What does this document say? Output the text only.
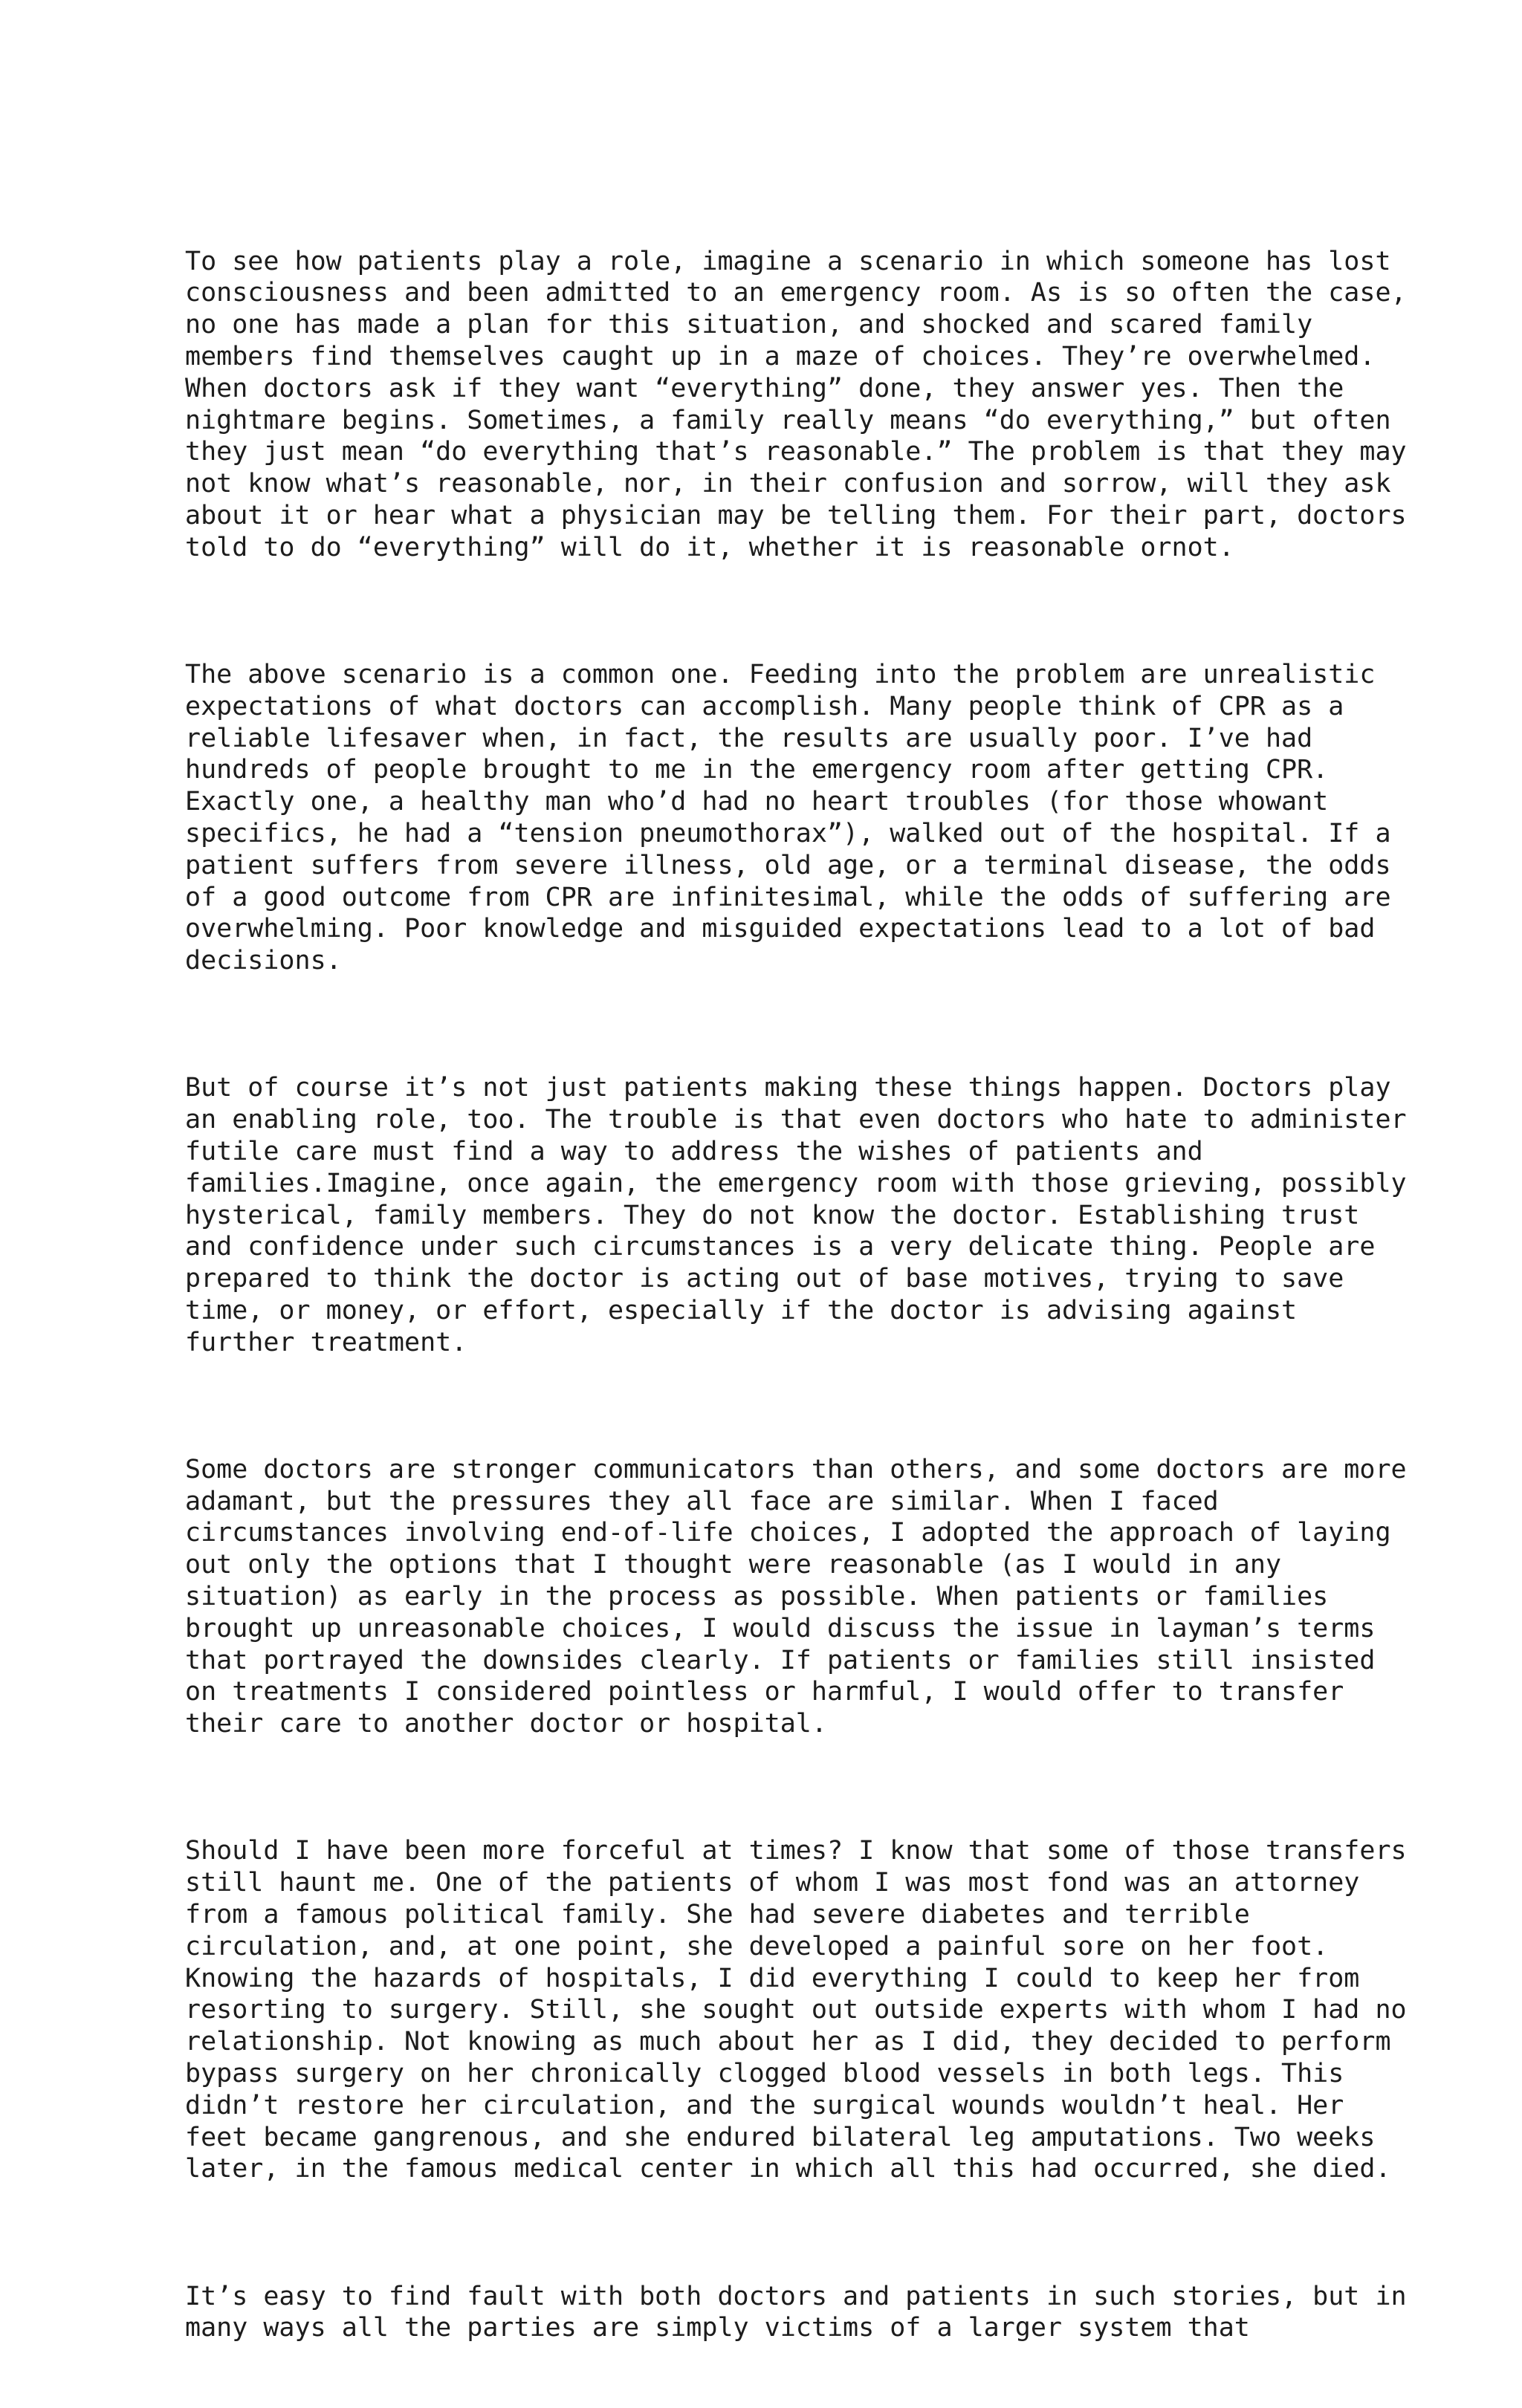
To see how patients play a role, imagine a scenario in which someone has lost
consciousness and been admitted to an emergency room. As is so often the case,
no one has made a plan for this situation, and shocked and scared family
members find themselves caught up in a maze of choices. They’re overwhelmed.
When doctors ask if they want “everything” done, they answer yes. Then the
nightmare begins. Sometimes, a family really means “do everything,” but often
they just mean “do everything that’s reasonable.” The problem is that they may
not know what’s reasonable, nor, in their confusion and sorrow, will they ask
about it or hear what a physician may be telling them. For their part, doctors
told to do “everything” will do it, whether it is reasonable ornot.

The above scenario is a common one. Feeding into the problem are unrealistic
expectations of what doctors can accomplish. Many people think of CPR as a
reliable lifesaver when, in fact, the results are usually poor. I’ve had
hundreds of people brought to me in the emergency room after getting CPR.
Exactly one, a healthy man who’d had no heart troubles (for those whowant
specifics, he had a “tension pneumothorax”), walked out of the hospital. If a
patient suffers from severe illness, old age, or a terminal disease, the odds
of a good outcome from CPR are infinitesimal, while the odds of suffering are
overwhelming. Poor knowledge and misguided expectations lead to a lot of bad
decisions.

But of course it’s not just patients making these things happen. Doctors play
an enabling role, too. The trouble is that even doctors who hate to administer
futile care must find a way to address the wishes of patients and
families.Imagine, once again, the emergency room with those grieving, possibly
hysterical, family members. They do not know the doctor. Establishing trust
and confidence under such circumstances is a very delicate thing. People are
prepared to think the doctor is acting out of base motives, trying to save
time, or money, or effort, especially if the doctor is advising against
further treatment.

Some doctors are stronger communicators than others, and some doctors are more
adamant, but the pressures they all face are similar. When I faced
circumstances involving end-of-life choices, I adopted the approach of laying
out only the options that I thought were reasonable (as I would in any
situation) as early in the process as possible. When patients or families
brought up unreasonable choices, I would discuss the issue in layman’s terms
that portrayed the downsides clearly. If patients or families still insisted
on treatments I considered pointless or harmful, I would offer to transfer
their care to another doctor or hospital.

Should I have been more forceful at times? I know that some of those transfers
still haunt me. One of the patients of whom I was most fond was an attorney
from a famous political family. She had severe diabetes and terrible
circulation, and, at one point, she developed a painful sore on her foot.
Knowing the hazards of hospitals, I did everything I could to keep her from
resorting to surgery. Still, she sought out outside experts with whom I had no
relationship. Not knowing as much about her as I did, they decided to perform
bypass surgery on her chronically clogged blood vessels in both legs. This
didn’t restore her circulation, and the surgical wounds wouldn’t heal. Her
feet became gangrenous, and she endured bilateral leg amputations. Two weeks
later, in the famous medical center in which all this had occurred, she died.

It’s easy to find fault with both doctors and patients in such stories, but in
many ways all the parties are simply victims of a larger system that
